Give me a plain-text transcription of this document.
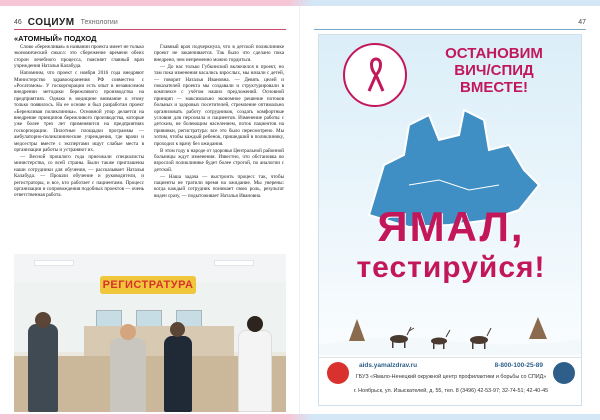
46 СОЦИУМ Технологии
«АТОМНЫЙ» ПОДХОД

Слово «бережливая» в названии проекта имеет не только экономический смысл: это сбережение времени обеих сторон лечебного процесса, поясняет главный врач учреждения Наталья Калабуда.

Напомним, что проект с ноября 2016 года внедряют Министерство здравоохранения РФ совместно с «Росатомом». У госкорпорации есть опыт в независимом внедрении методики бережливого производства на предприятиях. Однако в медицине внимание к этому только появилось. На ее основе и был разработан проект «Бережливая поликлиника». Основной упор делается на внедрение принципов бережливого производства, которые уже более трех лет применяются на предприятиях госкорпорации. Пилотные площадки программы — амбулаторно-поликлинические учреждения, где врачи и медсестры вместе с экспертами ищут слабые места в организации работы и устраняют их.

— Весной прошлого года приезжали специалисты министерства, со всей страны. Были также приглашены наши сотрудники для обучения, — рассказывает Наталья Калабуда. — Прошли обучение и руководители, и регистраторы, и все, кто работает с пациентами. Процесс организации и сопровождения подобных проектов — очень ответственная работа.

Главный врач подчеркнула, что в детской поликлинике проект не заканчивается. Так было что сделано пока внедрено, чем непременно можно гордиться.

— До нас только Губкинский включился в проект, но там пока изменения касались взрослых, мы начали с детей, — говорит Наталья Ивановна. — Девять целей и показателей проекта мы создавали и структурировали в комплексе с учётом наших предложений. Основной принцип — максимально экономное решение потоков больных и здоровых посетителей, стремление оптимально организовать работу сотрудников, создать комфортные условия для персонала и пациентов. Изменение работы с детским, не болеющим населением, поток пациентов на прививки, регистратура: все это было пересмотрено. Мы хотим, чтобы каждый ребенок, пришедший в поликлинику, проходил к врачу без ожидания.

В этом году в народе от здоровья Центральной районной больницы ждут изменения. Известно, что обстановка во взрослой поликлинике будет более строгой, по аналогии с детской.

— Наша задача — выстроить процесс так, чтобы пациенты не тратили время на ожидание. Мы уверены: когда каждый сотрудник понимает свою роль, результат виден сразу, — подытоживает Наталья Ивановна.

РЕГИСТРАТУРА
47
ОСТАНОВИМ
ВИЧ/СПИД
ВМЕСТЕ!
ЯМАЛ,
тестируйся!
aids.yamalzdrav.ru	8-800-100-25-89
ГБУЗ «Ямало-Ненецкий окружной центр профилактики и борьбы со СПИД»
г. Ноябрьск, ул. Изыскателей, д. 55, тел. 8 (3496) 42-53-97; 32-74-51; 42-40-45
